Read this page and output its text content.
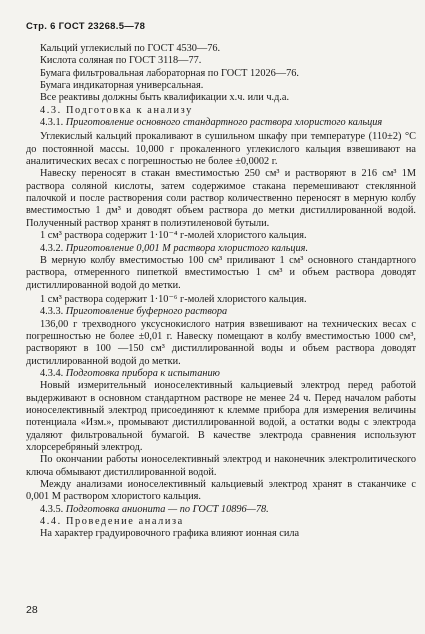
Стр. 6 ГОСТ 23268.5—78

Кальций углекислый по ГОСТ 4530—76.

Кислота соляная по ГОСТ 3118—77.

Бумага фильтровальная лабораторная по ГОСТ 12026—76.

Бумага индикаторная универсальная.

Все реактивы должны быть квалификации х.ч. или ч.д.а.

4.3. Подготовка к анализу

4.3.1. Приготовление основного стандартного раствора хлористого кальция

Углекислый кальций прокаливают в сушильном шкафу при температуре (110±2) °С до постоянной массы. 10,000 г прокаленного углекислого кальция взвешивают на аналитических весах с погрешностью не более ±0,0002 г.

Навеску переносят в стакан вместимостью 250 см³ и растворяют в 216 см³ 1М раствора соляной кислоты, затем содержимое стакана перемешивают стеклянной палочкой и после растворения соли раствор количественно переносят в мерную колбу вместимостью 1 дм³ и доводят объем раствора до метки дистиллированной водой. Полученный раствор хранят в полиэтиленовой бутыли.

1 см³ раствора содержит 1·10⁻⁴ г-молей хлористого кальция.

4.3.2. Приготовление 0,001 М раствора хлористого кальция.

В мерную колбу вместимостью 100 см³ приливают 1 см³ основного стандартного раствора, отмеренного пипеткой вместимостью 1 см³ и объем раствора доводят дистиллированной водой до метки.

1 см³ раствора содержит 1·10⁻⁶ г-молей хлористого кальция.

4.3.3. Приготовление буферного раствора

136,00 г трехводного уксуснокислого натрия взвешивают на технических весах с погрешностью не более ±0,01 г. Навеску помещают в колбу вместимостью 1000 см³, растворяют в 100 —150 см³ дистиллированной воды и объем раствора доводят дистиллированной водой до метки.

4.3.4. Подготовка прибора к испытанию

Новый измерительный ионоселективный кальциевый электрод перед работой выдерживают в основном стандартном растворе не менее 24 ч. Перед началом работы ионоселективный электрод присоединяют к клемме прибора для измерения величины потенциала «Изм.», промывают дистиллированной водой, а остатки воды с электрода удаляют фильтровальной бумагой. В качестве электрода сравнения используют хлорсеребряный электрод.

По окончании работы ионоселективный электрод и наконечник электролитического ключа обмывают дистиллированной водой.

Между анализами ионоселективный кальциевый электрод хранят в стаканчике с 0,001 М раствором хлористого кальция.

4.3.5. Подготовка анионита — по ГОСТ 10896—78.

4.4. Проведение анализа

На характер градуировочного графика влияют ионная сила

28
